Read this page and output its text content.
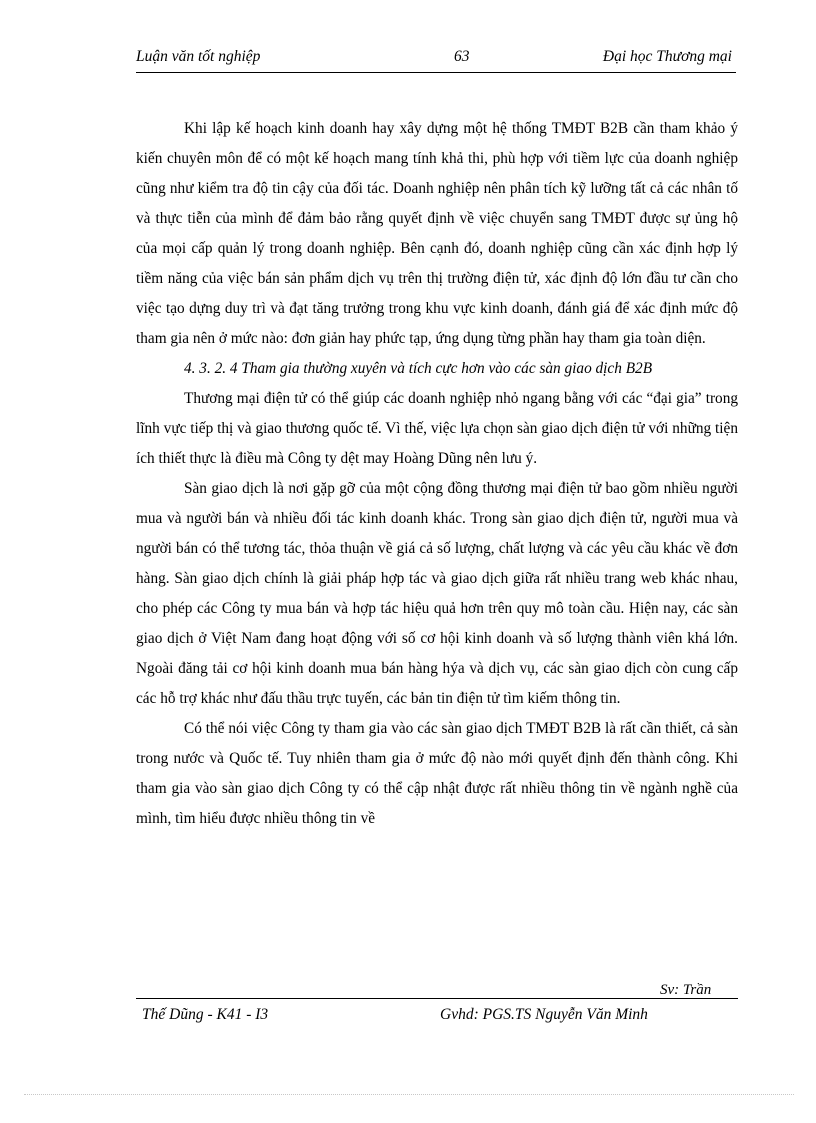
Luận văn tốt nghiệp	63	Đại học Thương mại

Khi lập kế hoạch kinh doanh hay xây dựng một hệ thống TMĐT B2B cần tham khảo ý kiến chuyên môn để có một kế hoạch mang tính khả thi, phù hợp với tiềm lực của doanh nghiệp cũng như kiểm tra độ tin cậy của đối tác. Doanh nghiệp nên phân tích kỹ lưỡng tất cả các nhân tố và thực tiễn của mình để đảm bảo rằng quyết định về việc chuyển sang TMĐT được sự ủng hộ của mọi cấp quản lý trong doanh nghiệp. Bên cạnh đó, doanh nghiệp cũng cần xác định hợp lý tiềm năng của việc bán sản phẩm dịch vụ trên thị trường điện tử, xác định độ lớn đầu tư cần cho việc tạo dựng duy trì và đạt tăng trưởng trong khu vực kinh doanh, đánh giá để xác định mức độ tham gia nên ở mức nào: đơn giản hay phức tạp, ứng dụng từng phần hay tham gia toàn diện.

4. 3. 2. 4 Tham gia thường xuyên và tích cực hơn vào các sàn giao dịch B2B

Thương mại điện tử có thể giúp các doanh nghiệp nhỏ ngang bằng với các “đại gia” trong lĩnh vực tiếp thị và giao thương quốc tế. Vì thế, việc lựa chọn sàn giao dịch điện tử với những tiện ích thiết thực là điều mà Công ty dệt may Hoàng Dũng nên lưu ý.

Sàn giao dịch là nơi gặp gỡ của một cộng đồng thương mại điện tử bao gồm nhiều người mua và người bán và nhiều đối tác kinh doanh khác. Trong sàn giao dịch điện tử, người mua và người bán có thể tương tác, thỏa thuận về giá cả số lượng, chất lượng và các yêu cầu khác về đơn hàng. Sàn giao dịch chính là giải pháp hợp tác và giao dịch giữa rất nhiều trang web khác nhau, cho phép các Công ty mua bán và hợp tác hiệu quả hơn trên quy mô toàn cầu. Hiện nay, các sàn giao dịch ở Việt Nam đang hoạt động với số cơ hội kinh doanh và số lượng thành viên khá lớn. Ngoài đăng tải cơ hội kinh doanh mua bán hàng hýa và dịch vụ, các sàn giao dịch còn cung cấp các hỗ trợ khác như đấu thầu trực tuyến, các bản tin điện tử tìm kiếm thông tin.

Có thể nói việc Công ty tham gia vào các sàn giao dịch TMĐT B2B là rất cần thiết, cả sàn trong nước và Quốc tế. Tuy nhiên tham gia ở mức độ nào mới quyết định đến thành công. Khi tham gia vào sàn giao dịch Công ty có thể cập nhật được rất nhiều thông tin về ngành nghề của mình, tìm hiểu được nhiều thông tin về

Sv: Trần
Thế Dũng - K41 - I3	Gvhd: PGS.TS Nguyễn Văn Minh
